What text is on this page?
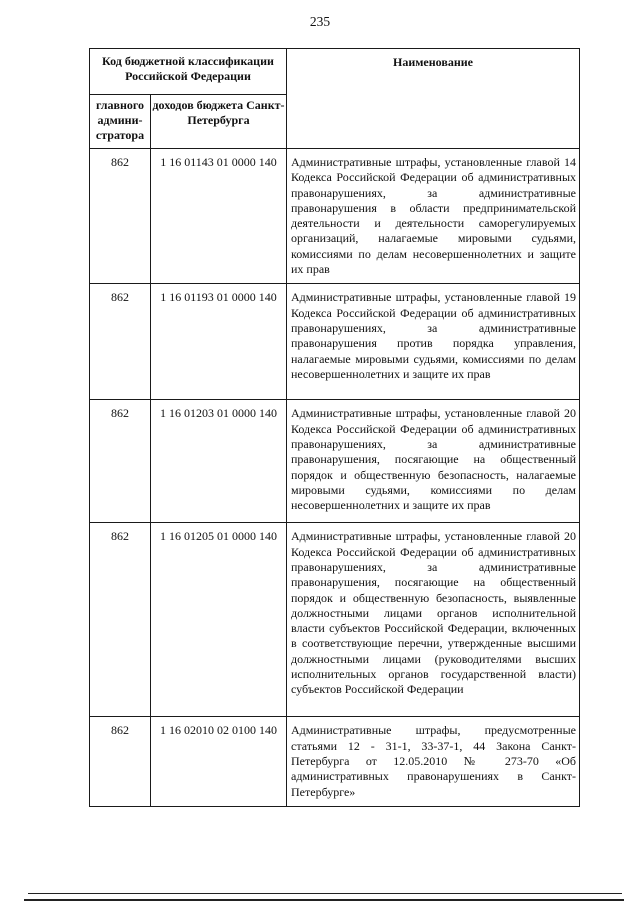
235
Код бюджетной классификации Российской Федерации		Наименование
главного админи-стратора	доходов бюджета Санкт-Петербурга	
862	1 16 01143 01 0000 140	Административные штрафы, установленные главой 14 Кодекса Российской Федерации об административных правонарушениях, за административные правонарушения в области предпринимательской деятельности и деятельности саморегулируемых организаций, налагаемые мировыми судьями, комиссиями по делам несовершеннолетних и защите их прав
862	1 16 01193 01 0000 140	Административные штрафы, установленные главой 19 Кодекса Российской Федерации об административных правонарушениях, за административные правонарушения против порядка управления, налагаемые мировыми судьями, комиссиями по делам несовершеннолетних и защите их прав
862	1 16 01203 01 0000 140	Административные штрафы, установленные главой 20 Кодекса Российской Федерации об административных правонарушениях, за административные правонарушения, посягающие на общественный порядок и общественную безопасность, налагаемые мировыми судьями, комиссиями по делам несовершеннолетних и защите их прав
862	1 16 01205 01 0000 140	Административные штрафы, установленные главой 20 Кодекса Российской Федерации об административных правонарушениях, за административные правонарушения, посягающие на общественный порядок и общественную безопасность, выявленные должностными лицами органов исполнительной власти субъектов Российской Федерации, включенных в соответствующие перечни, утвержденные высшими должностными лицами (руководителями высших исполнительных органов государственной власти) субъектов Российской Федерации
862	1 16 02010 02 0100 140	Административные штрафы, предусмотренные статьями 12 - 31-1, 33-37-1, 44 Закона Санкт-Петербурга от 12.05.2010 № 273-70 «Об административных правонарушениях в Санкт-Петербурге»
